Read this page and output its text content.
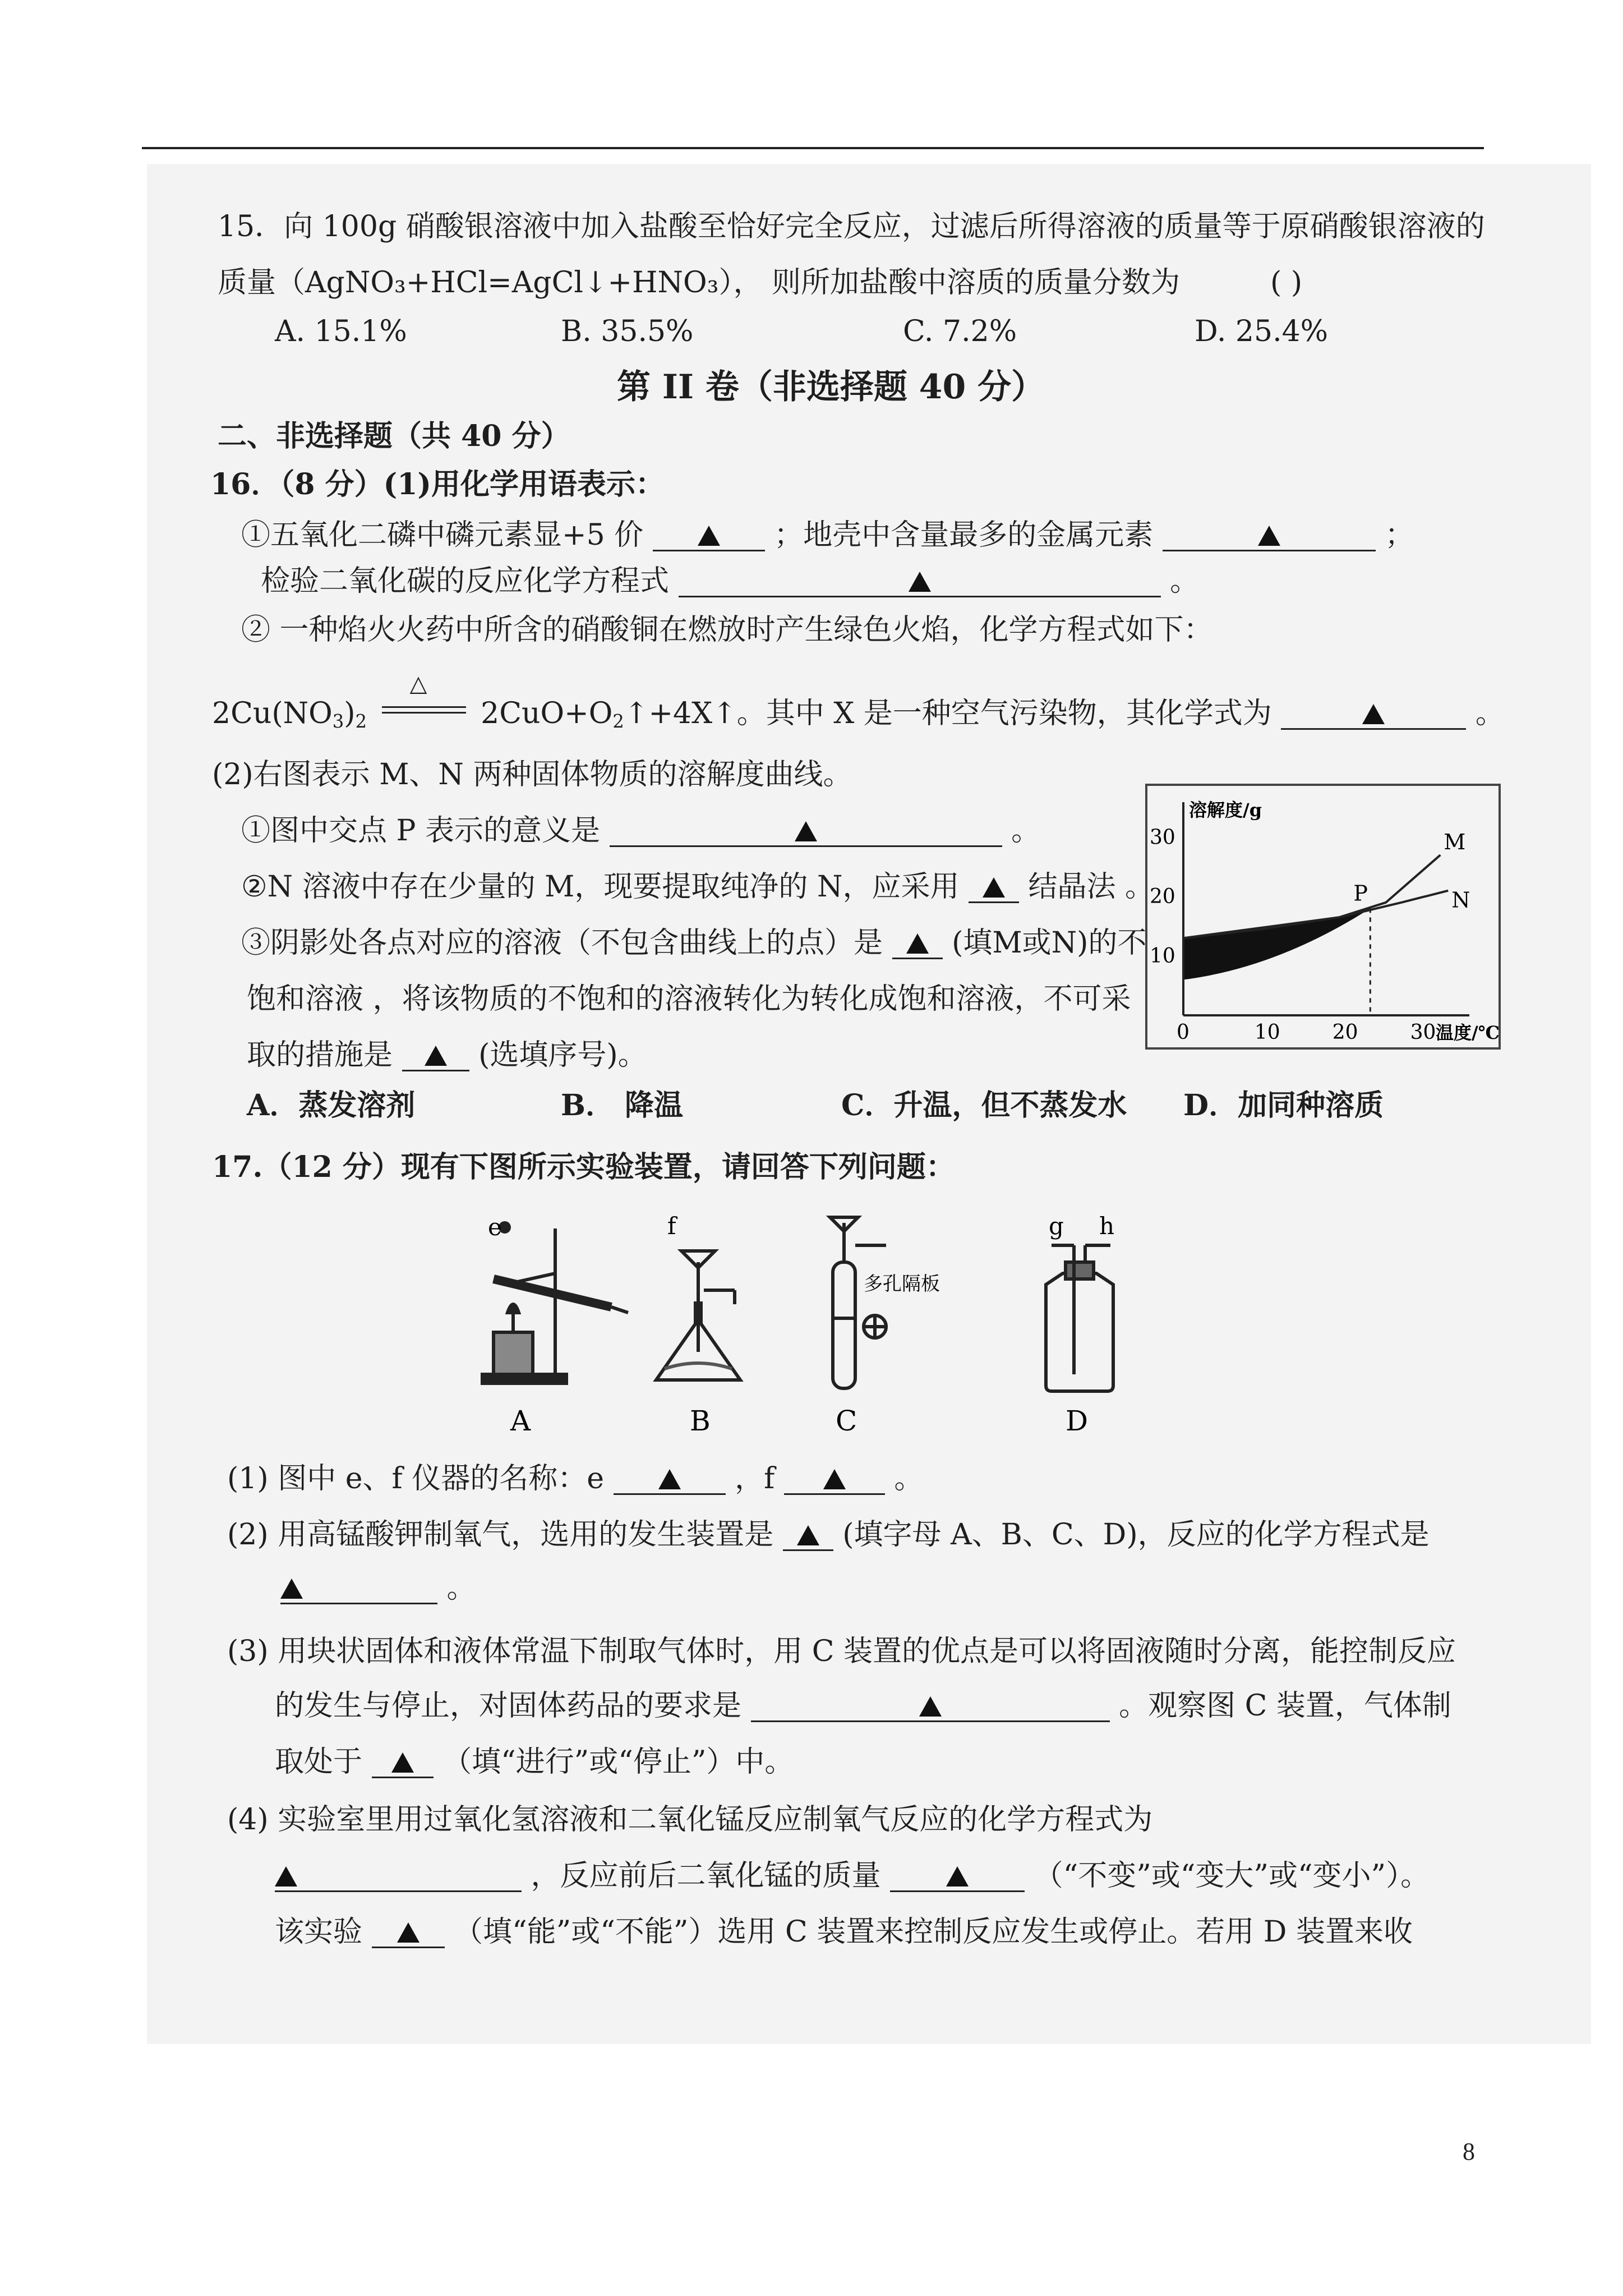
15．向 100g 硝酸银溶液中加入盐酸至恰好完全反应，过滤后所得溶液的质量等于原硝酸银溶液的
质量（AgNO₃+HCl=AgCl↓+HNO₃）， 则所加盐酸中溶质的质量分数为	( )
A. 15.1%	B. 35.5%	C. 7.2%	D. 25.4%
第 II 卷（非选择题 40 分）
二、非选择题（共 40 分）
16．（8 分）(1)用化学用语表示：
①五氧化二磷中磷元素显+5 价	；地壳中含量最多的金属元素	；
检验二氧化碳的反应化学方程式	。
② 一种焰火火药中所含的硝酸铜在燃放时产生绿色火焰，化学方程式如下：
$2Cu(NO_3)_2$
△
$2CuO+O_2↑+4X↑$。其中 X 是一种空气污染物，其化学式为	。
(2)右图表示 M、N 两种固体物质的溶解度曲线。
①图中交点 P 表示的意义是	。
②N 溶液中存在少量的 M，现要提取纯净的 N，应采用 结晶法 。
③阴影处各点对应的溶液（不包含曲线上的点）是 (填M或N)的不
饱和溶液 ，将该物质的不饱和的溶液转化为转化成饱和溶液，不可采
取的措施是	(选填序号)。
A．蒸发溶剂	B． 降温	C．升温，但不蒸发水 D．加同种溶质
0	10	20	30
10
20
30
溶解度/g
温度/℃
M
N
P
17.（12 分）现有下图所示实验装置，请回答下列问题：
A
e
B
f
多孔隔板
C	D
g h
(1) 图中 e、f 仪器的名称：e	，f	。
(2) 用高锰酸钾制氧气，选用的发生装置是 (填字母 A、B、C、D)，反应的化学方程式是
。
(3) 用块状固体和液体常温下制取气体时，用 C 装置的优点是可以将固液随时分离，能控制反应
的发生与停止，对固体药品的要求是	。观察图 C 装置，气体制
取处于	（填“进行”或“停止”）中。
(4) 实验室里用过氧化氢溶液和二氧化锰反应制氧气反应的化学方程式为
，反应前后二氧化锰的质量	（“不变”或“变大”或“变小”）。
该实验	（填“能”或“不能”）选用 C 装置来控制反应发生或停止。若用 D 装置来收
8
